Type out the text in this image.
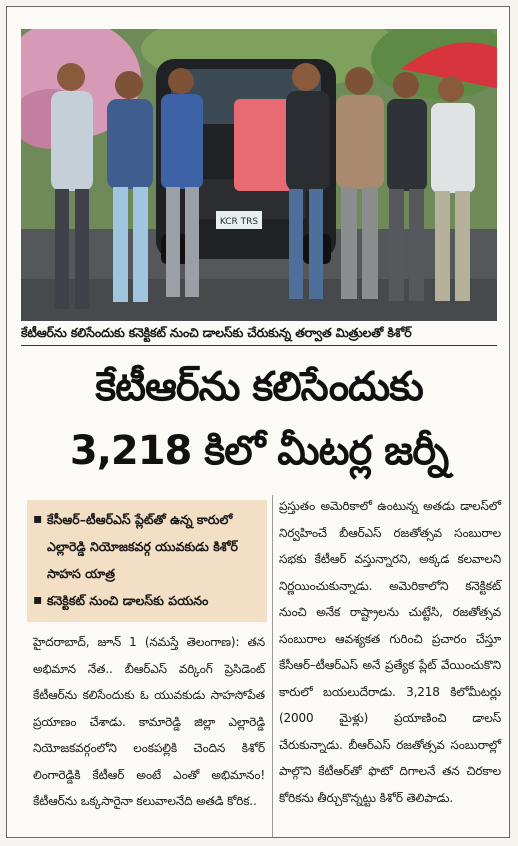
KCR TRS
కేటీఆర్‌ను కలిసేందుకు కనెక్టికట్ నుంచి డాలస్‌కు చేరుకున్న తర్వాత మిత్రులతో కిశోర్
కేటీఆర్‌ను కలిసేందుకు
3,218 కిలో మీటర్ల జర్నీ
▪ కేసీఆర్–టీఆర్ఎస్ ప్లేట్‌తో ఉన్న కారులో ఎల్లారెడ్డి నియోజకవర్గ యువకుడు కిశోర్ సాహస యాత్ర
▪ కనెక్టికట్ నుంచి డాలస్‌కు పయనం
హైదరాబాద్, జూన్ 1 (నమస్తే తెలంగాణ): తన అభిమాన నేత.. బీఆర్ఎస్ వర్కింగ్ ప్రెసిడెంట్ కేటీఆర్‌ను కలిసేందుకు ఓ యువకుడు సాహసోపేత ప్రయాణం చేశాడు. కామారెడ్డి జిల్లా ఎల్లారెడ్డి నియోజకవర్గంలోని లంకపల్లికి చెందిన కిశోర్ లింగారెడ్డికి కేటీఆర్ అంటే ఎంతో అభిమానం! కేటీఆర్‌ను ఒక్కసారైనా కలువాలనేది అతడి కోరిక..
ప్రస్తుతం అమెరికాలో ఉంటున్న అతడు డాలస్‌లో నిర్వహించే బీఆర్ఎస్ రజతోత్సవ సంబురాల సభకు కేటీఆర్ వస్తున్నారని, అక్కడ కలవాలని నిర్ణయించుకున్నాడు. అమెరికాలోని కనెక్టికట్ నుంచి అనేక రాష్ట్రాలను చుట్టేసి, రజతోత్సవ సంబురాల ఆవశ్యకత గురించి ప్రచారం చేస్తూ కేసీఆర్–టీఆర్ఎస్ అనే ప్రత్యేక ప్లేట్ వేయించుకొని కారులో బయలుదేరాడు. 3,218 కిలోమీటర్లు (2000 మైళ్లు) ప్రయాణించి డాలస్ చేరుకున్నాడు. బీఆర్ఎస్ రజతోత్సవ సంబురాల్లో పాల్గొని కేటీఆర్‌తో ఫొటో దిగాలనే తన చిరకాల కోరికను తీర్చుకొన్నట్టు కిశోర్ తెలిపాడు.
